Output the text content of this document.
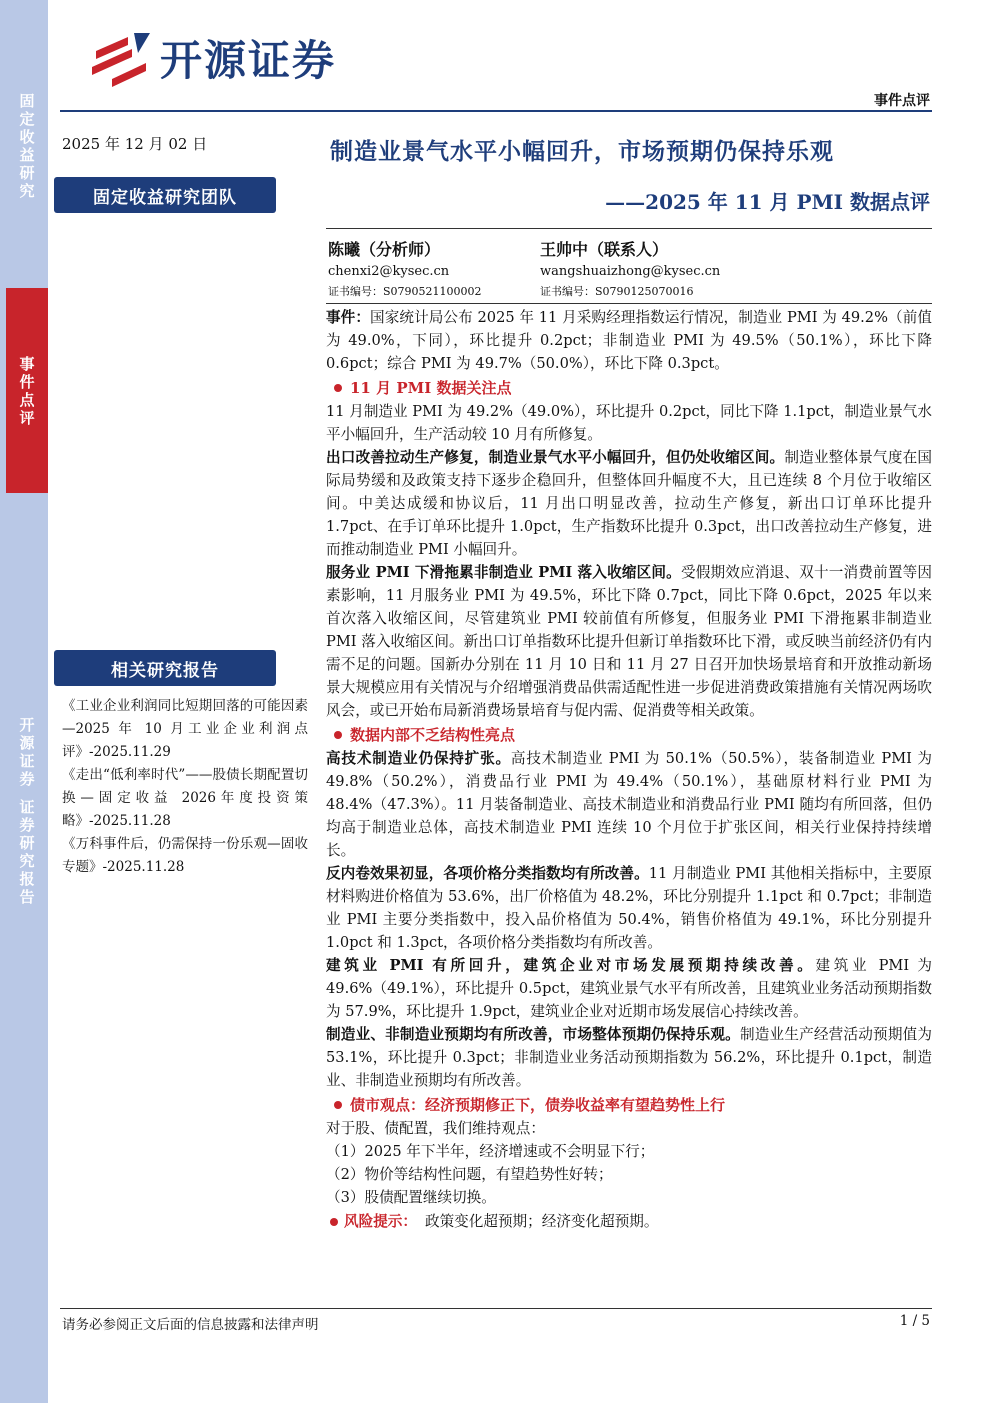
固
定
收
益
研
究
事
件
点
评
开
源
证
券
证
券
研
究
报
告
开源证券
事件点评
2025 年 12 月 02 日
固定收益研究团队
相关研究报告

《工业企业利润同比短期回落的可能因素—2025 年 10 月工业企业利润点评》-2025.11.29

《走出“低利率时代”——股债长期配置切换—固定收益 2026年度投资策略》-2025.11.28

《万科事件后，仍需保持一份乐观—固收专题》-2025.11.28

制造业景气水平小幅回升，市场预期仍保持乐观
——2025 年 11 月 PMI 数据点评
陈曦（分析师）
chenxi2@kysec.cn
证书编号：S0790521100002
王帅中（联系人）
wangshuaizhong@kysec.cn
证书编号：S0790125070016

事件：国家统计局公布 2025 年 11 月采购经理指数运行情况，制造业 PMI 为 49.2%（前值为 49.0%，下同），环比提升 0.2pct；非制造业 PMI 为 49.5%（50.1%），环比下降 0.6pct；综合 PMI 为 49.7%（50.0%），环比下降 0.3pct。

11 月 PMI 数据关注点

11 月制造业 PMI 为 49.2%（49.0%），环比提升 0.2pct，同比下降 1.1pct，制造业景气水平小幅回升，生产活动较 10 月有所修复。

出口改善拉动生产修复，制造业景气水平小幅回升，但仍处收缩区间。制造业整体景气度在国际局势缓和及政策支持下逐步企稳回升，但整体回升幅度不大，且已连续 8 个月位于收缩区间。中美达成缓和协议后，11 月出口明显改善，拉动生产修复，新出口订单环比提升 1.7pct、在手订单环比提升 1.0pct，生产指数环比提升 0.3pct，出口改善拉动生产修复，进而推动制造业 PMI 小幅回升。

服务业 PMI 下滑拖累非制造业 PMI 落入收缩区间。受假期效应消退、双十一消费前置等因素影响，11 月服务业 PMI 为 49.5%，环比下降 0.7pct，同比下降 0.6pct，2025 年以来首次落入收缩区间，尽管建筑业 PMI 较前值有所修复，但服务业 PMI 下滑拖累非制造业 PMI 落入收缩区间。新出口订单指数环比提升但新订单指数环比下滑，或反映当前经济仍有内需不足的问题。国新办分别在 11 月 10 日和 11 月 27 日召开加快场景培育和开放推动新场景大规模应用有关情况与介绍增强消费品供需适配性进一步促进消费政策措施有关情况两场吹风会，或已开始布局新消费场景培育与促内需、促消费等相关政策。

数据内部不乏结构性亮点

高技术制造业仍保持扩张。高技术制造业 PMI 为 50.1%（50.5%），装备制造业 PMI 为 49.8%（50.2%），消费品行业 PMI 为 49.4%（50.1%），基础原材料行业 PMI 为 48.4%（47.3%）。11 月装备制造业、高技术制造业和消费品行业 PMI 随均有所回落，但仍均高于制造业总体，高技术制造业 PMI 连续 10 个月位于扩张区间，相关行业保持持续增长。

反内卷效果初显，各项价格分类指数均有所改善。11 月制造业 PMI 其他相关指标中，主要原材料购进价格值为 53.6%，出厂价格值为 48.2%，环比分别提升 1.1pct 和 0.7pct；非制造业 PMI 主要分类指数中，投入品价格值为 50.4%，销售价格值为 49.1%，环比分别提升 1.0pct 和 1.3pct，各项价格分类指数均有所改善。

建筑业 PMI 有所回升，建筑企业对市场发展预期持续改善。建筑业 PMI 为 49.6%（49.1%），环比提升 0.5pct，建筑业景气水平有所改善，且建筑业业务活动预期指数为 57.9%，环比提升 1.9pct，建筑业企业对近期市场发展信心持续改善。

制造业、非制造业预期均有所改善，市场整体预期仍保持乐观。制造业生产经营活动预期值为 53.1%，环比提升 0.3pct；非制造业业务活动预期指数为 56.2%，环比提升 0.1pct，制造业、非制造业预期均有所改善。

债市观点：经济预期修正下，债券收益率有望趋势性上行

对于股、债配置，我们维持观点：

（1）2025 年下半年，经济增速或不会明显下行；

（2）物价等结构性问题，有望趋势性好转；

（3）股债配置继续切换。

风险提示： 政策变化超预期；经济变化超预期。
请务必参阅正文后面的信息披露和法律声明	1 / 5
